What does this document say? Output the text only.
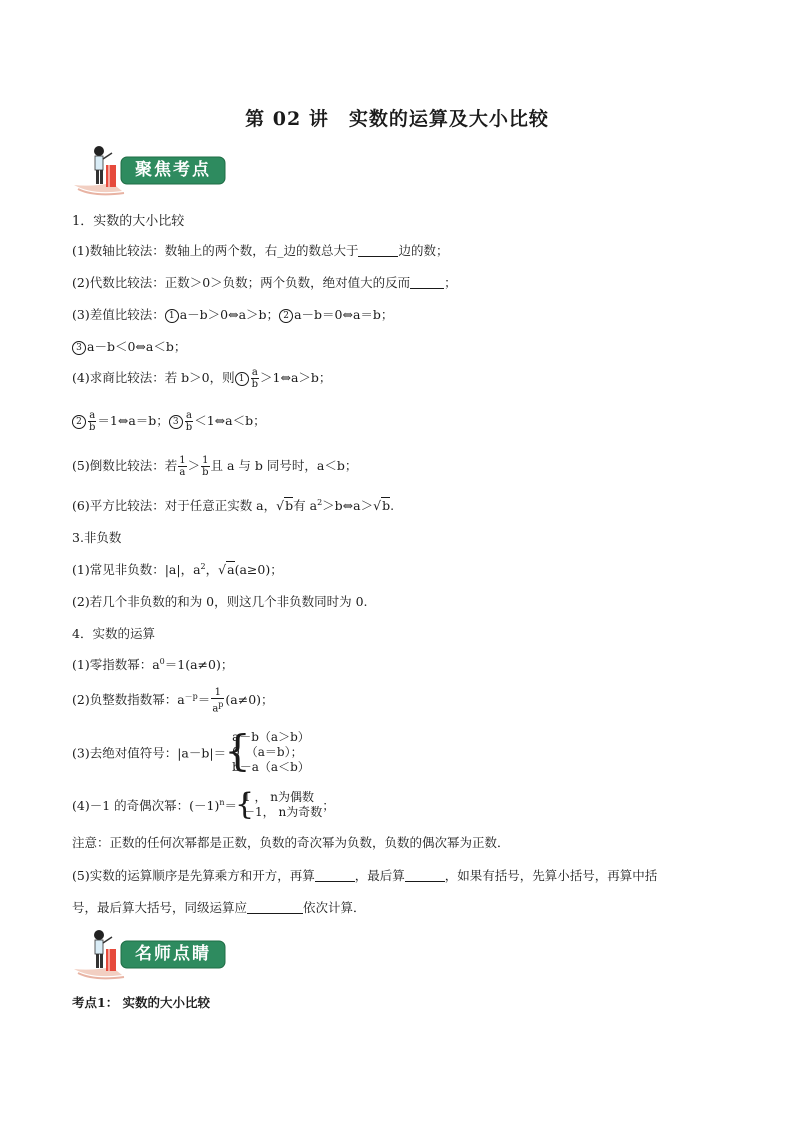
第 02 讲　实数的运算及大小比较
聚焦考点
1．实数的大小比较
(1)数轴比较法：数轴上的两个数，右_边的数总大于	边的数；
(2)代数比较法：正数＞0＞负数；两个负数，绝对值大的反而	；
(3)差值比较法： 1 a－b＞0⇔a＞b； 2 a－b＝0⇔a＝b；
3 a－b＜0⇔a＜b；
(4)求商比较法：若 b＞0，则 $1 \frac{a}{b}$ ＞1⇔a＞b；
$2 \frac{a}{b}$ ＝1⇔a＝b； $3 \frac{a}{b}$ ＜1⇔a＜b；
(5)倒数比较法：若 $\frac{1}{a} > \frac{1}{b}$ 且 a 与 b 同号时，a＜b；
(6)平方比较法：对于任意正实数 a，√b有 $a^2>b\Leftrightarrow a>√b$.
3.非负数
(1)常见非负数：|a|，$a^2$，√a(a≥0)；
(2)若几个非负数的和为 0，则这几个非负数同时为 0.
4．实数的运算
(1)零指数幂：$a^0=1(a\ne 0)$；
(2)负整数指数幂：$a^{-p}= \frac{1}{a^p} (a\ne 0)$；
(3)去绝对值符号：|a－b|＝
{
a－b（a＞b）
0　（a＝b）；
b－a（a＜b）
(4)－1 的奇偶次幂：$(-1)^n=$
{
1 ， n为偶数
－1， n为奇数 ；
注意：正数的任何次幂都是正数，负数的奇次幂为负数，负数的偶次幂为正数．
(5)实数的运算顺序是先算乘方和开方，再算	，最后算	，如果有括号，先算小括号，再算中括
号，最后算大括号，同级运算应	依次计算．
名师点睛
考点1： 实数的大小比较
